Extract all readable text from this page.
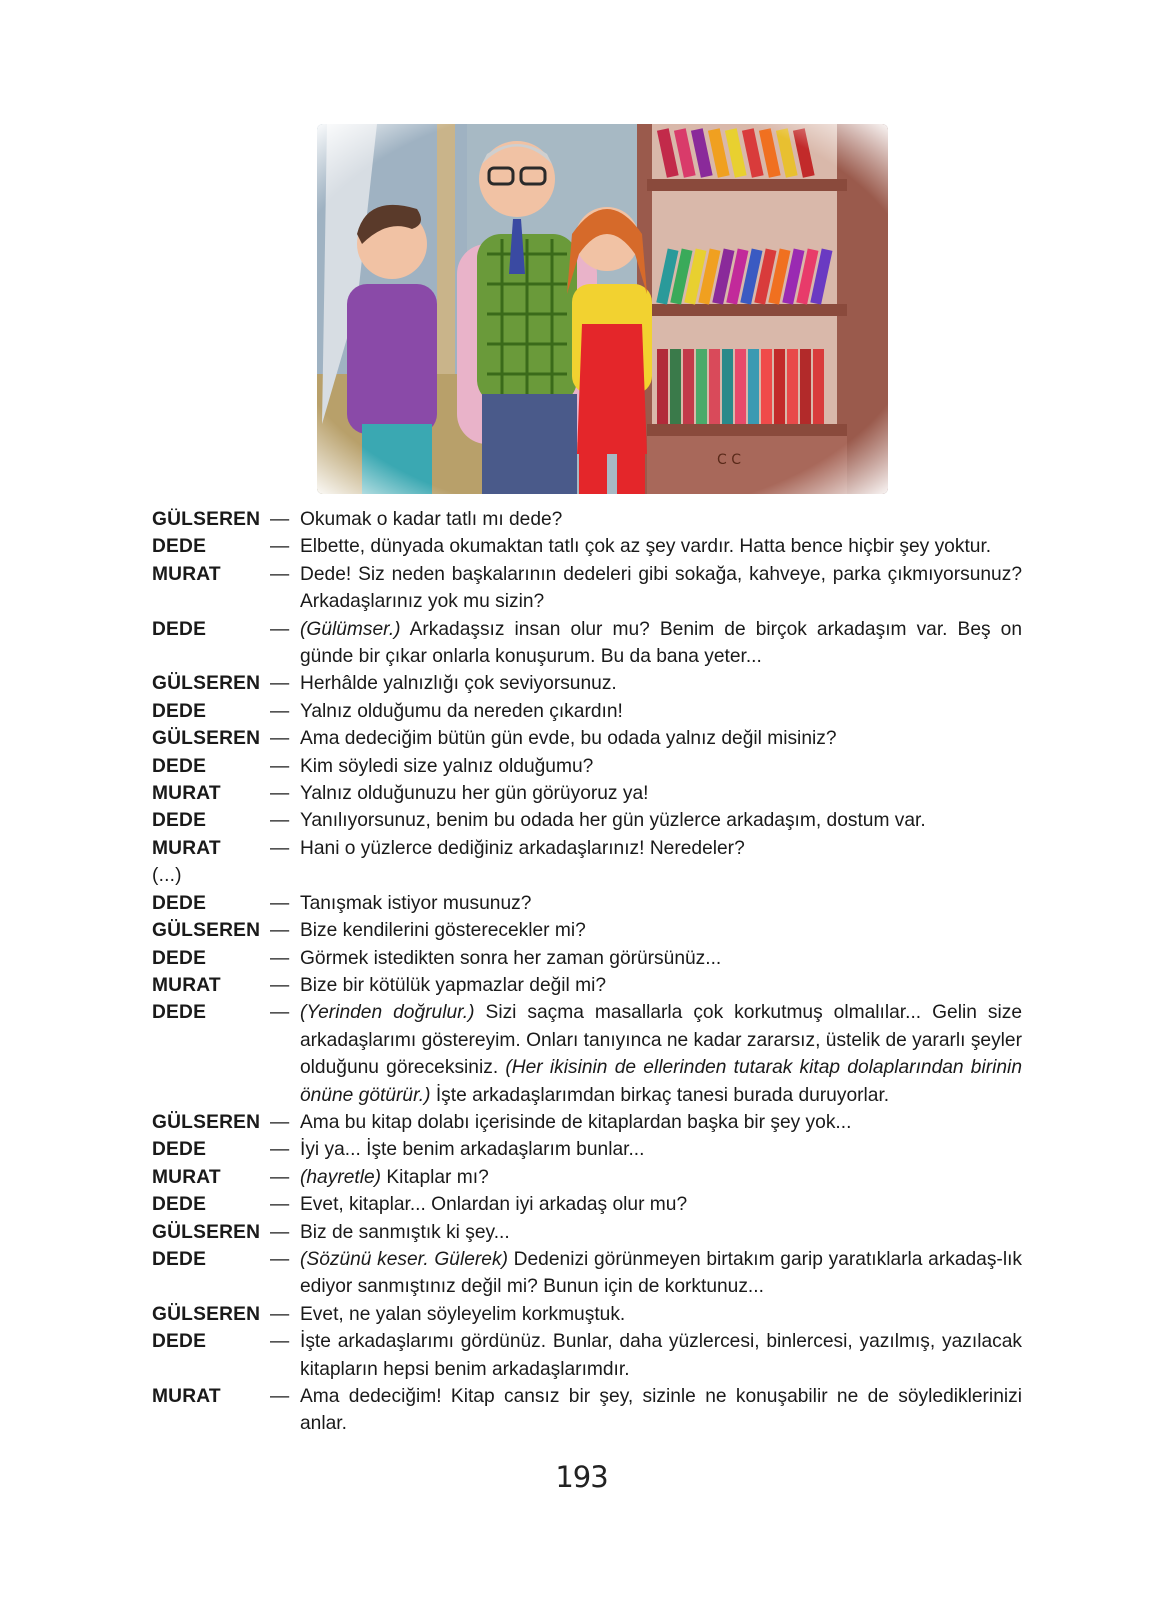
GÜLSEREN — Okumak o kadar tatlı mı dede?
DEDE	— Elbette, dünyada okumaktan tatlı çok az şey vardır. Hatta bence hiçbir şey yoktur.
MURAT	— Dede! Siz neden başkalarının dedeleri gibi sokağa, kahveye, parka çıkmıyorsunuz? Arkadaşlarınız yok mu sizin?
DEDE	— (Gülümser.) Arkadaşsız insan olur mu? Benim de birçok arkadaşım var. Beş on günde bir çıkar onlarla konuşurum. Bu da bana yeter...
GÜLSEREN — Herhâlde yalnızlığı çok seviyorsunuz.
DEDE	— Yalnız olduğumu da nereden çıkardın!
GÜLSEREN — Ama dedeciğim bütün gün evde, bu odada yalnız değil misiniz?
DEDE	— Kim söyledi size yalnız olduğumu?
MURAT	— Yalnız olduğunuzu her gün görüyoruz ya!
DEDE	— Yanılıyorsunuz, benim bu odada her gün yüzlerce arkadaşım, dostum var.
MURAT	— Hani o yüzlerce dediğiniz arkadaşlarınız! Neredeler?
(...)
DEDE	— Tanışmak istiyor musunuz?
GÜLSEREN — Bize kendilerini gösterecekler mi?
DEDE	— Görmek istedikten sonra her zaman görürsünüz...
MURAT	— Bize bir kötülük yapmazlar değil mi?
DEDE	— (Yerinden doğrulur.) Sizi saçma masallarla çok korkutmuş olmalılar... Gelin size arkadaşlarımı göstereyim. Onları tanıyınca ne kadar zararsız, üstelik de yararlı şeyler olduğunu göreceksiniz. (Her ikisinin de ellerinden tutarak kitap dolaplarından birinin önüne götürür.) İşte arkadaşlarımdan birkaç tanesi burada duruyorlar.
GÜLSEREN — Ama bu kitap dolabı içerisinde de kitaplardan başka bir şey yok...
DEDE	— İyi ya... İşte benim arkadaşlarım bunlar...
MURAT	— (hayretle) Kitaplar mı?
DEDE	— Evet, kitaplar... Onlardan iyi arkadaş olur mu?
GÜLSEREN — Biz de sanmıştık ki şey...
DEDE	— (Sözünü keser. Gülerek) Dedenizi görünmeyen birtakım garip yaratıklarla arkadaş-lık ediyor sanmıştınız değil mi? Bunun için de korktunuz...
GÜLSEREN — Evet, ne yalan söyleyelim korkmuştuk.
DEDE	— İşte arkadaşlarımı gördünüz. Bunlar, daha yüzlercesi, binlercesi, yazılmış, yazılacak kitapların hepsi benim arkadaşlarımdır.
MURAT	— Ama dedeciğim! Kitap cansız bir şey, sizinle ne konuşabilir ne de söylediklerinizi anlar.
193
